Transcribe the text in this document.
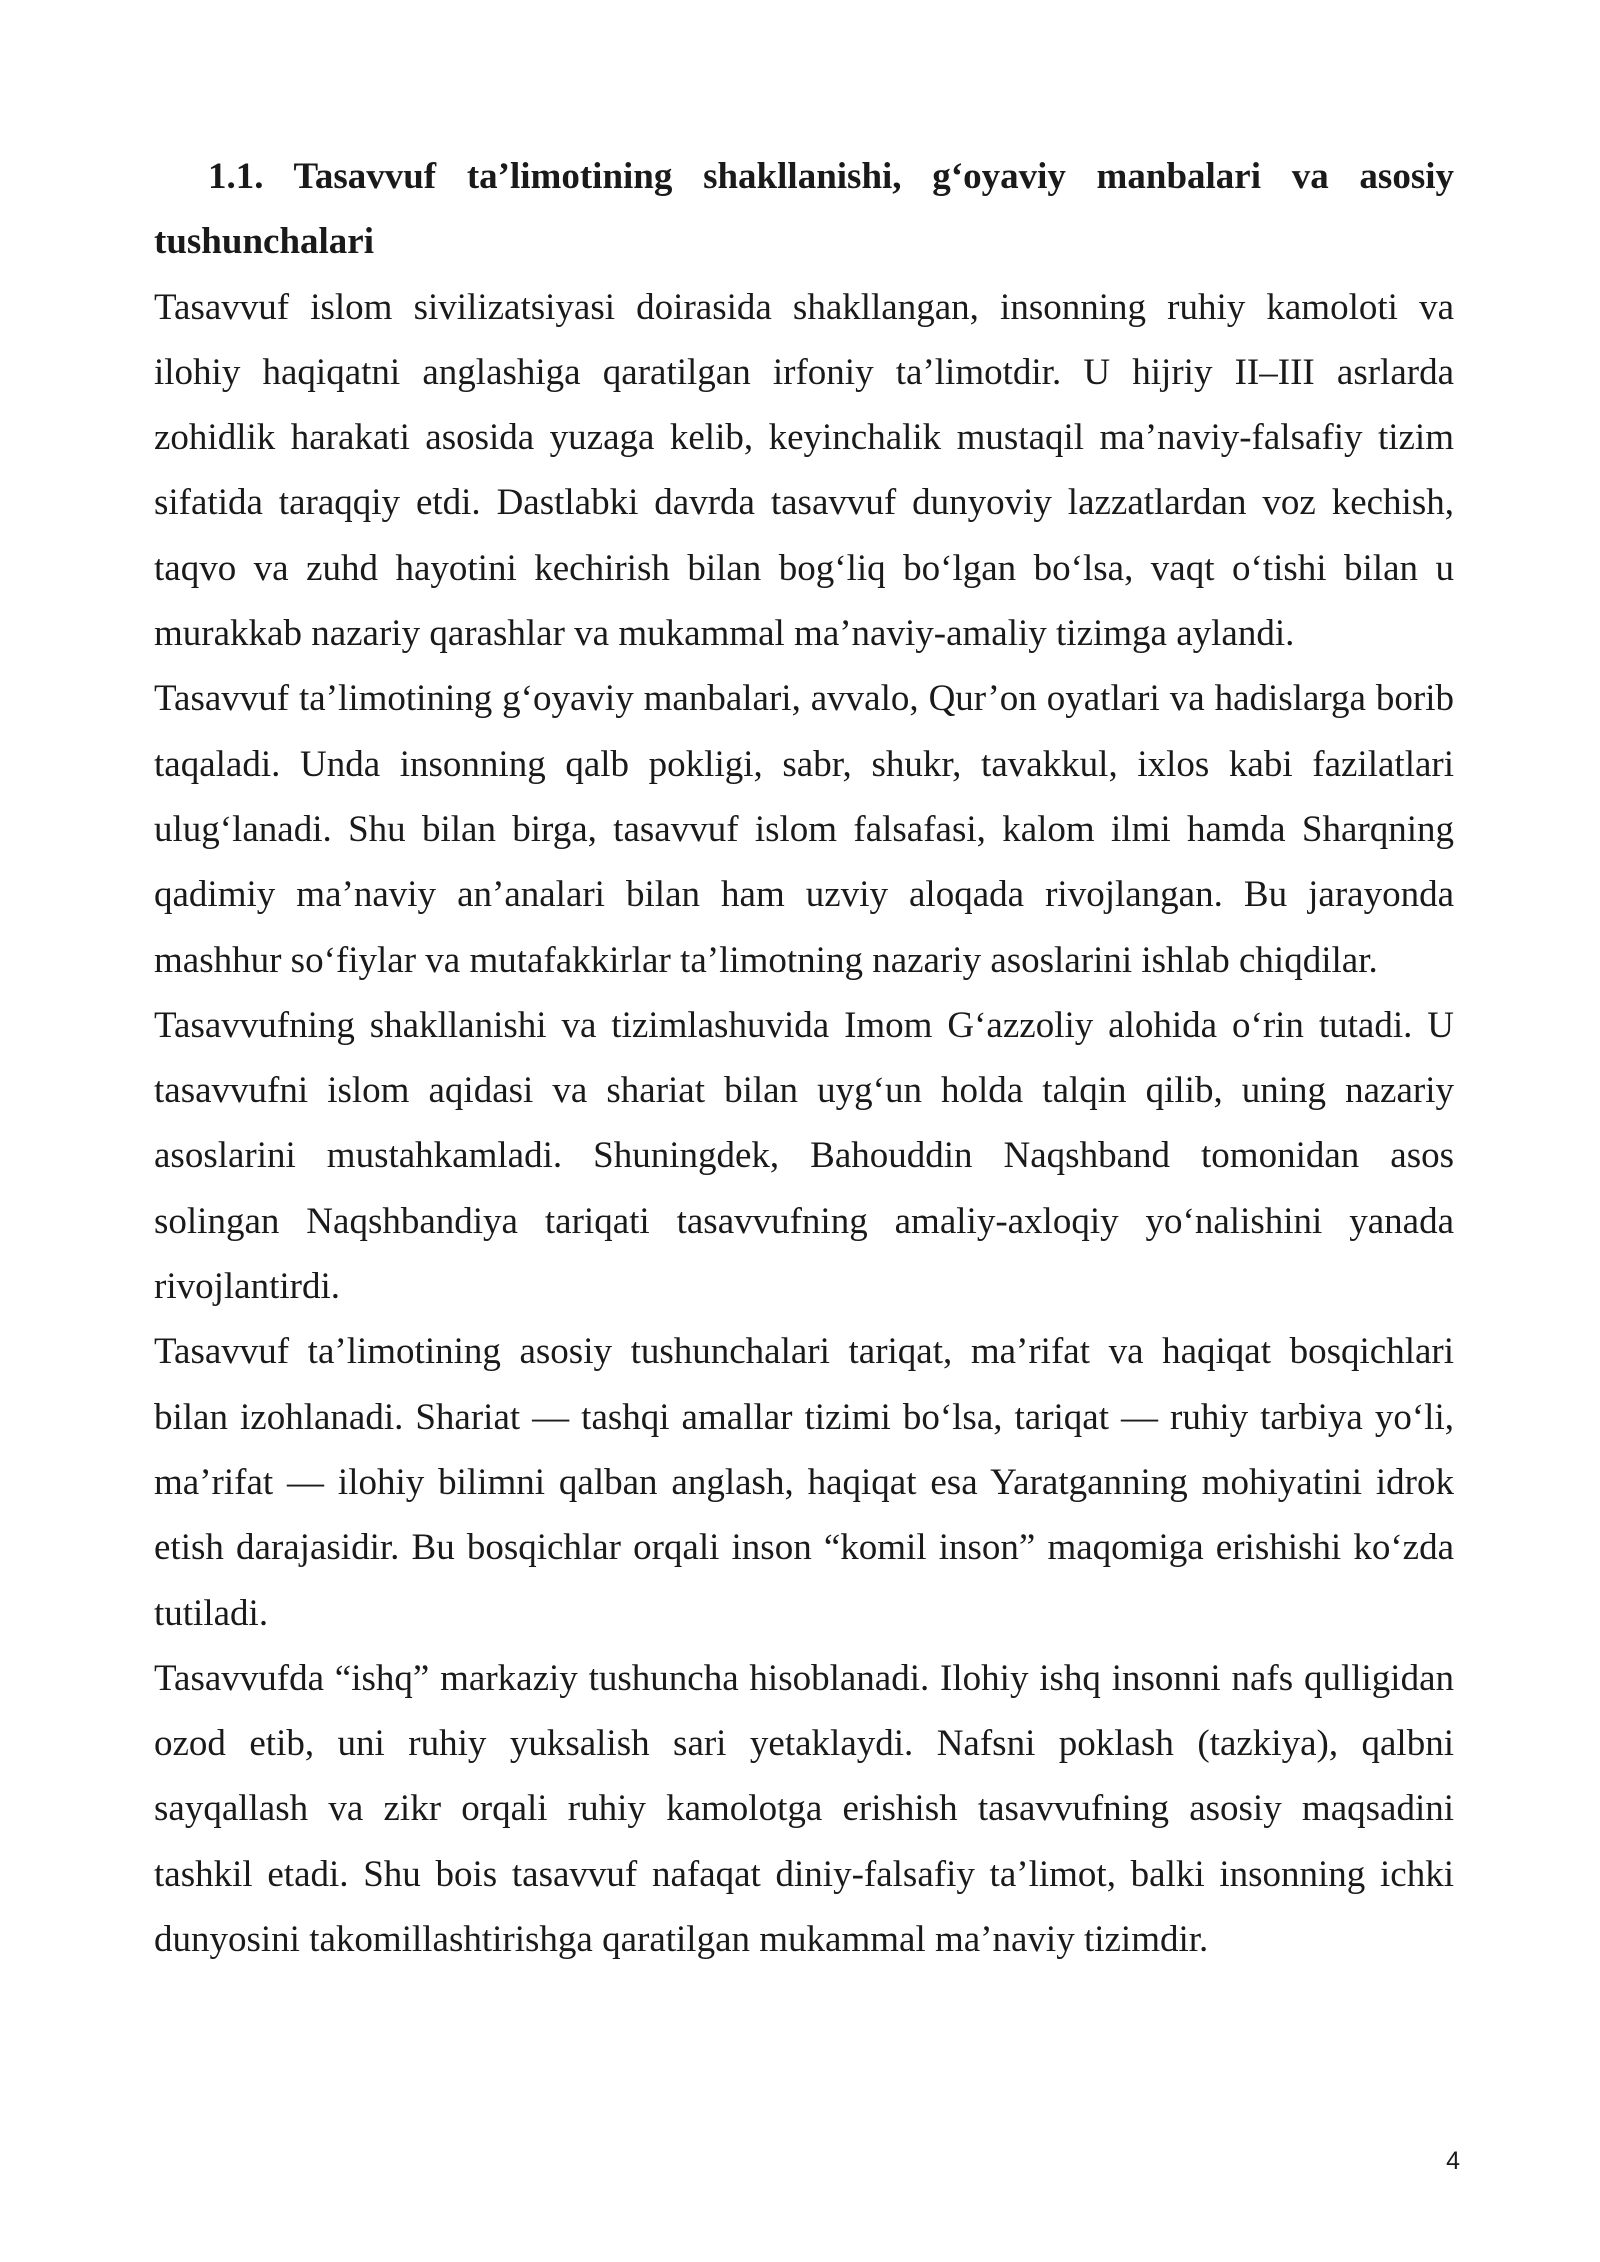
1.1. Tasavvuf ta’limotining shakllanishi, g‘oyaviy manbalari va asosiy tushunchalari

Tasavvuf islom sivilizatsiyasi doirasida shakllangan, insonning ruhiy kamoloti va ilohiy haqiqatni anglashiga qaratilgan irfoniy ta’limotdir. U hijriy II–III asrlarda zohidlik harakati asosida yuzaga kelib, keyinchalik mustaqil ma’naviy-falsafiy tizim sifatida taraqqiy etdi. Dastlabki davrda tasavvuf dunyoviy lazzatlardan voz kechish, taqvo va zuhd hayotini kechirish bilan bog‘liq bo‘lgan bo‘lsa, vaqt o‘tishi bilan u murakkab nazariy qarashlar va mukammal ma’naviy-amaliy tizimga aylandi.

Tasavvuf ta’limotining g‘oyaviy manbalari, avvalo, Qur’on oyatlari va hadislarga borib taqaladi. Unda insonning qalb pokligi, sabr, shukr, tavakkul, ixlos kabi fazilatlari ulug‘lanadi. Shu bilan birga, tasavvuf islom falsafasi, kalom ilmi hamda Sharqning qadimiy ma’naviy an’analari bilan ham uzviy aloqada rivojlangan. Bu jarayonda mashhur so‘fiylar va mutafakkirlar ta’limotning nazariy asoslarini ishlab chiqdilar.

Tasavvufning shakllanishi va tizimlashuvida Imom G‘azzoliy alohida o‘rin tutadi. U tasavvufni islom aqidasi va shariat bilan uyg‘un holda talqin qilib, uning nazariy asoslarini mustahkamladi. Shuningdek, Bahouddin Naqshband tomonidan asos solingan Naqshbandiya tariqati tasavvufning amaliy-axloqiy yo‘nalishini yanada rivojlantirdi.

Tasavvuf ta’limotining asosiy tushunchalari tariqat, ma’rifat va haqiqat bosqichlari bilan izohlanadi. Shariat — tashqi amallar tizimi bo‘lsa, tariqat — ruhiy tarbiya yo‘li, ma’rifat — ilohiy bilimni qalban anglash, haqiqat esa Yaratganning mohiyatini idrok etish darajasidir. Bu bosqichlar orqali inson “komil inson” maqomiga erishishi ko‘zda tutiladi.

Tasavvufda “ishq” markaziy tushuncha hisoblanadi. Ilohiy ishq insonni nafs qulligidan ozod etib, uni ruhiy yuksalish sari yetaklaydi. Nafsni poklash (tazkiya), qalbni sayqallash va zikr orqali ruhiy kamolotga erishish tasavvufning asosiy maqsadini tashkil etadi. Shu bois tasavvuf nafaqat diniy-falsafiy ta’limot, balki insonning ichki dunyosini takomillashtirishga qaratilgan mukammal ma’naviy tizimdir.

4
